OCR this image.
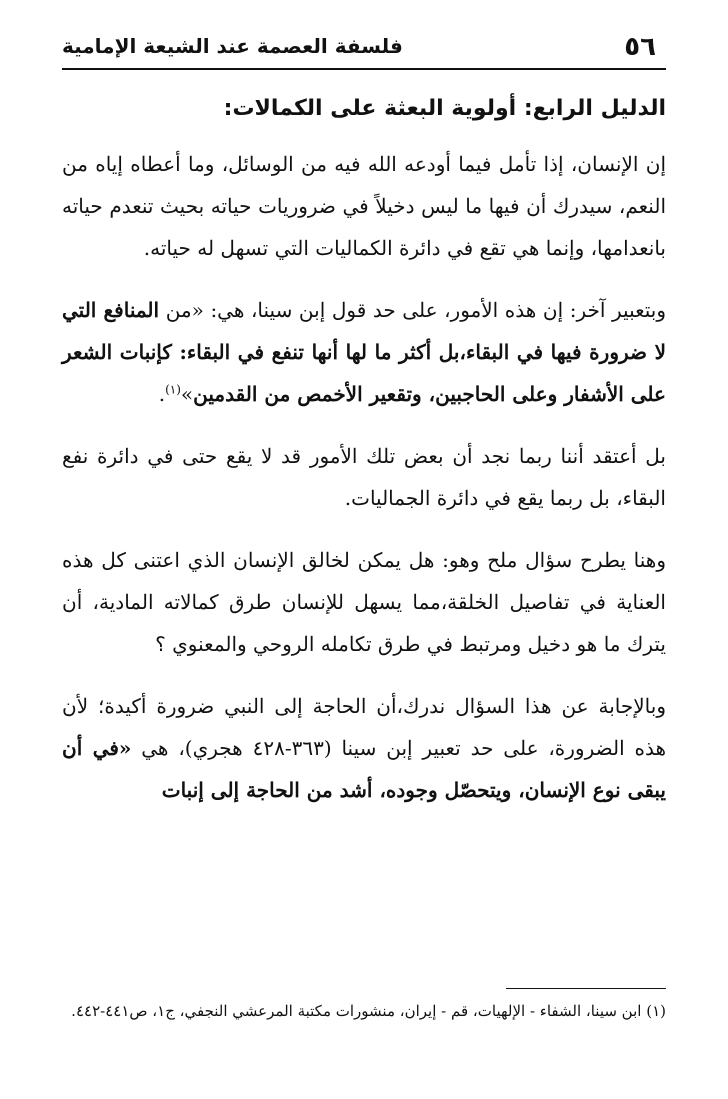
٥٦
فلسفة العصمة عند الشيعة الإمامية
الدليل الرابع: أولوية البعثة على الكمالات:

إن الإنسان، إذا تأمل فيما أودعه الله فيه من الوسائل، وما أعطاه إياه من النعم، سيدرك أن فيها ما ليس دخيلاً في ضروريات حياته بحيث تنعدم حياته بانعدامها، وإنما هي تقع في دائرة الكماليات التي تسهل له حياته.

وبتعبير آخر: إن هذه الأمور، على حد قول إبن سينا، هي: «من المنافع التي لا ضرورة فيها في البقاء،بل أكثر ما لها أنها تنفع في البقاء: كإنبات الشعر على الأشفار وعلى الحاجبين، وتقعير الأخمص من القدمين»$^{(١)}$.

بل أعتقد أننا ربما نجد أن بعض تلك الأمور قد لا يقع حتى في دائرة نفع البقاء، بل ربما يقع في دائرة الجماليات.

وهنا يطرح سؤال ملح وهو: هل يمكن لخالق الإنسان الذي اعتنى كل هذه العناية في تفاصيل الخلقة،مما يسهل للإنسان طرق كمالاته المادية، أن يترك ما هو دخيل ومرتبط في طرق تكامله الروحي والمعنوي ؟

وبالإجابة عن هذا السؤال ندرك،أن الحاجة إلى النبي ضرورة أكيدة؛ لأن هذه الضرورة، على حد تعبير إبن سينا (٣٦٣-٤٢٨ هجري)، هي «في أن يبقى نوع الإنسان، ويتحصّل وجوده، أشد من الحاجة إلى إنبات

(١) ابن سينا، الشفاء - الإلهيات، قم - إيران، منشورات مكتبة المرعشي النجفي، ج١، ص٤٤١-٤٤٢.
